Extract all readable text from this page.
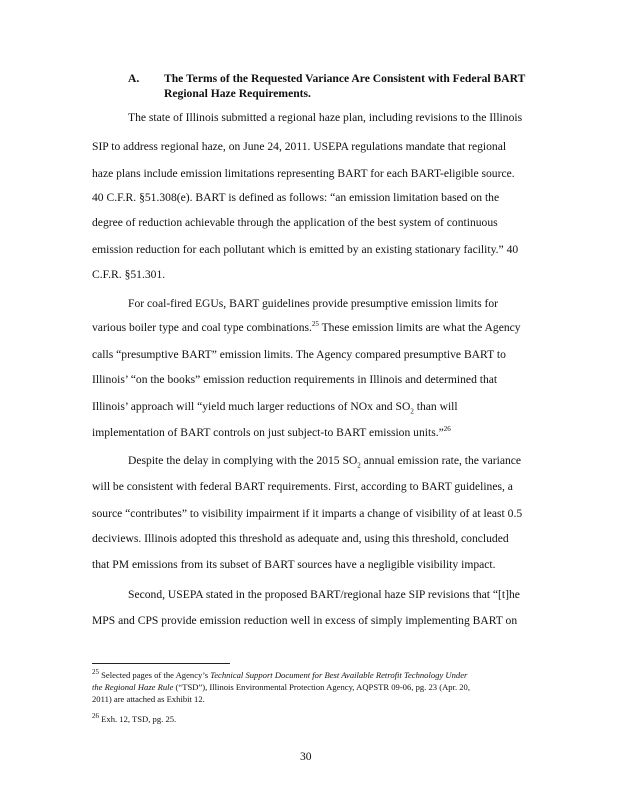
A. The Terms of the Requested Variance Are Consistent with Federal BART
Regional Haze Requirements.
The state of Illinois submitted a regional haze plan, including revisions to the Illinois
SIP to address regional haze, on June 24, 2011. USEPA regulations mandate that regional
haze plans include emission limitations representing BART for each BART-eligible source.
40 C.F.R. §51.308(e). BART is defined as follows: “an emission limitation based on the
degree of reduction achievable through the application of the best system of continuous
emission reduction for each pollutant which is emitted by an existing stationary facility.” 40
C.F.R. §51.301.
For coal-fired EGUs, BART guidelines provide presumptive emission limits for
various boiler type and coal type combinations.$^{25}$ These emission limits are what the Agency
calls “presumptive BART” emission limits. The Agency compared presumptive BART to
Illinois’ “on the books” emission reduction requirements in Illinois and determined that
Illinois’ approach will “yield much larger reductions of NOx and $SO_2$ than will
implementation of BART controls on just subject-to BART emission units.”$^{26}$
Despite the delay in complying with the 2015 $SO_2$ annual emission rate, the variance
will be consistent with federal BART requirements. First, according to BART guidelines, a
source “contributes” to visibility impairment if it imparts a change of visibility of at least 0.5
deciviews. Illinois adopted this threshold as adequate and, using this threshold, concluded
that PM emissions from its subset of BART sources have a negligible visibility impact.
Second, USEPA stated in the proposed BART/regional haze SIP revisions that “[t]he
MPS and CPS provide emission reduction well in excess of simply implementing BART on
$^{25}$ Selected pages of the Agency’s Technical Support Document for Best Available Retrofit Technology Under
the Regional Haze Rule (“TSD”), Illinois Environmental Protection Agency, AQPSTR 09-06, pg. 23 (Apr. 20,
2011) are attached as Exhibit 12.
$^{26}$ Exh. 12, TSD, pg. 25.
30
